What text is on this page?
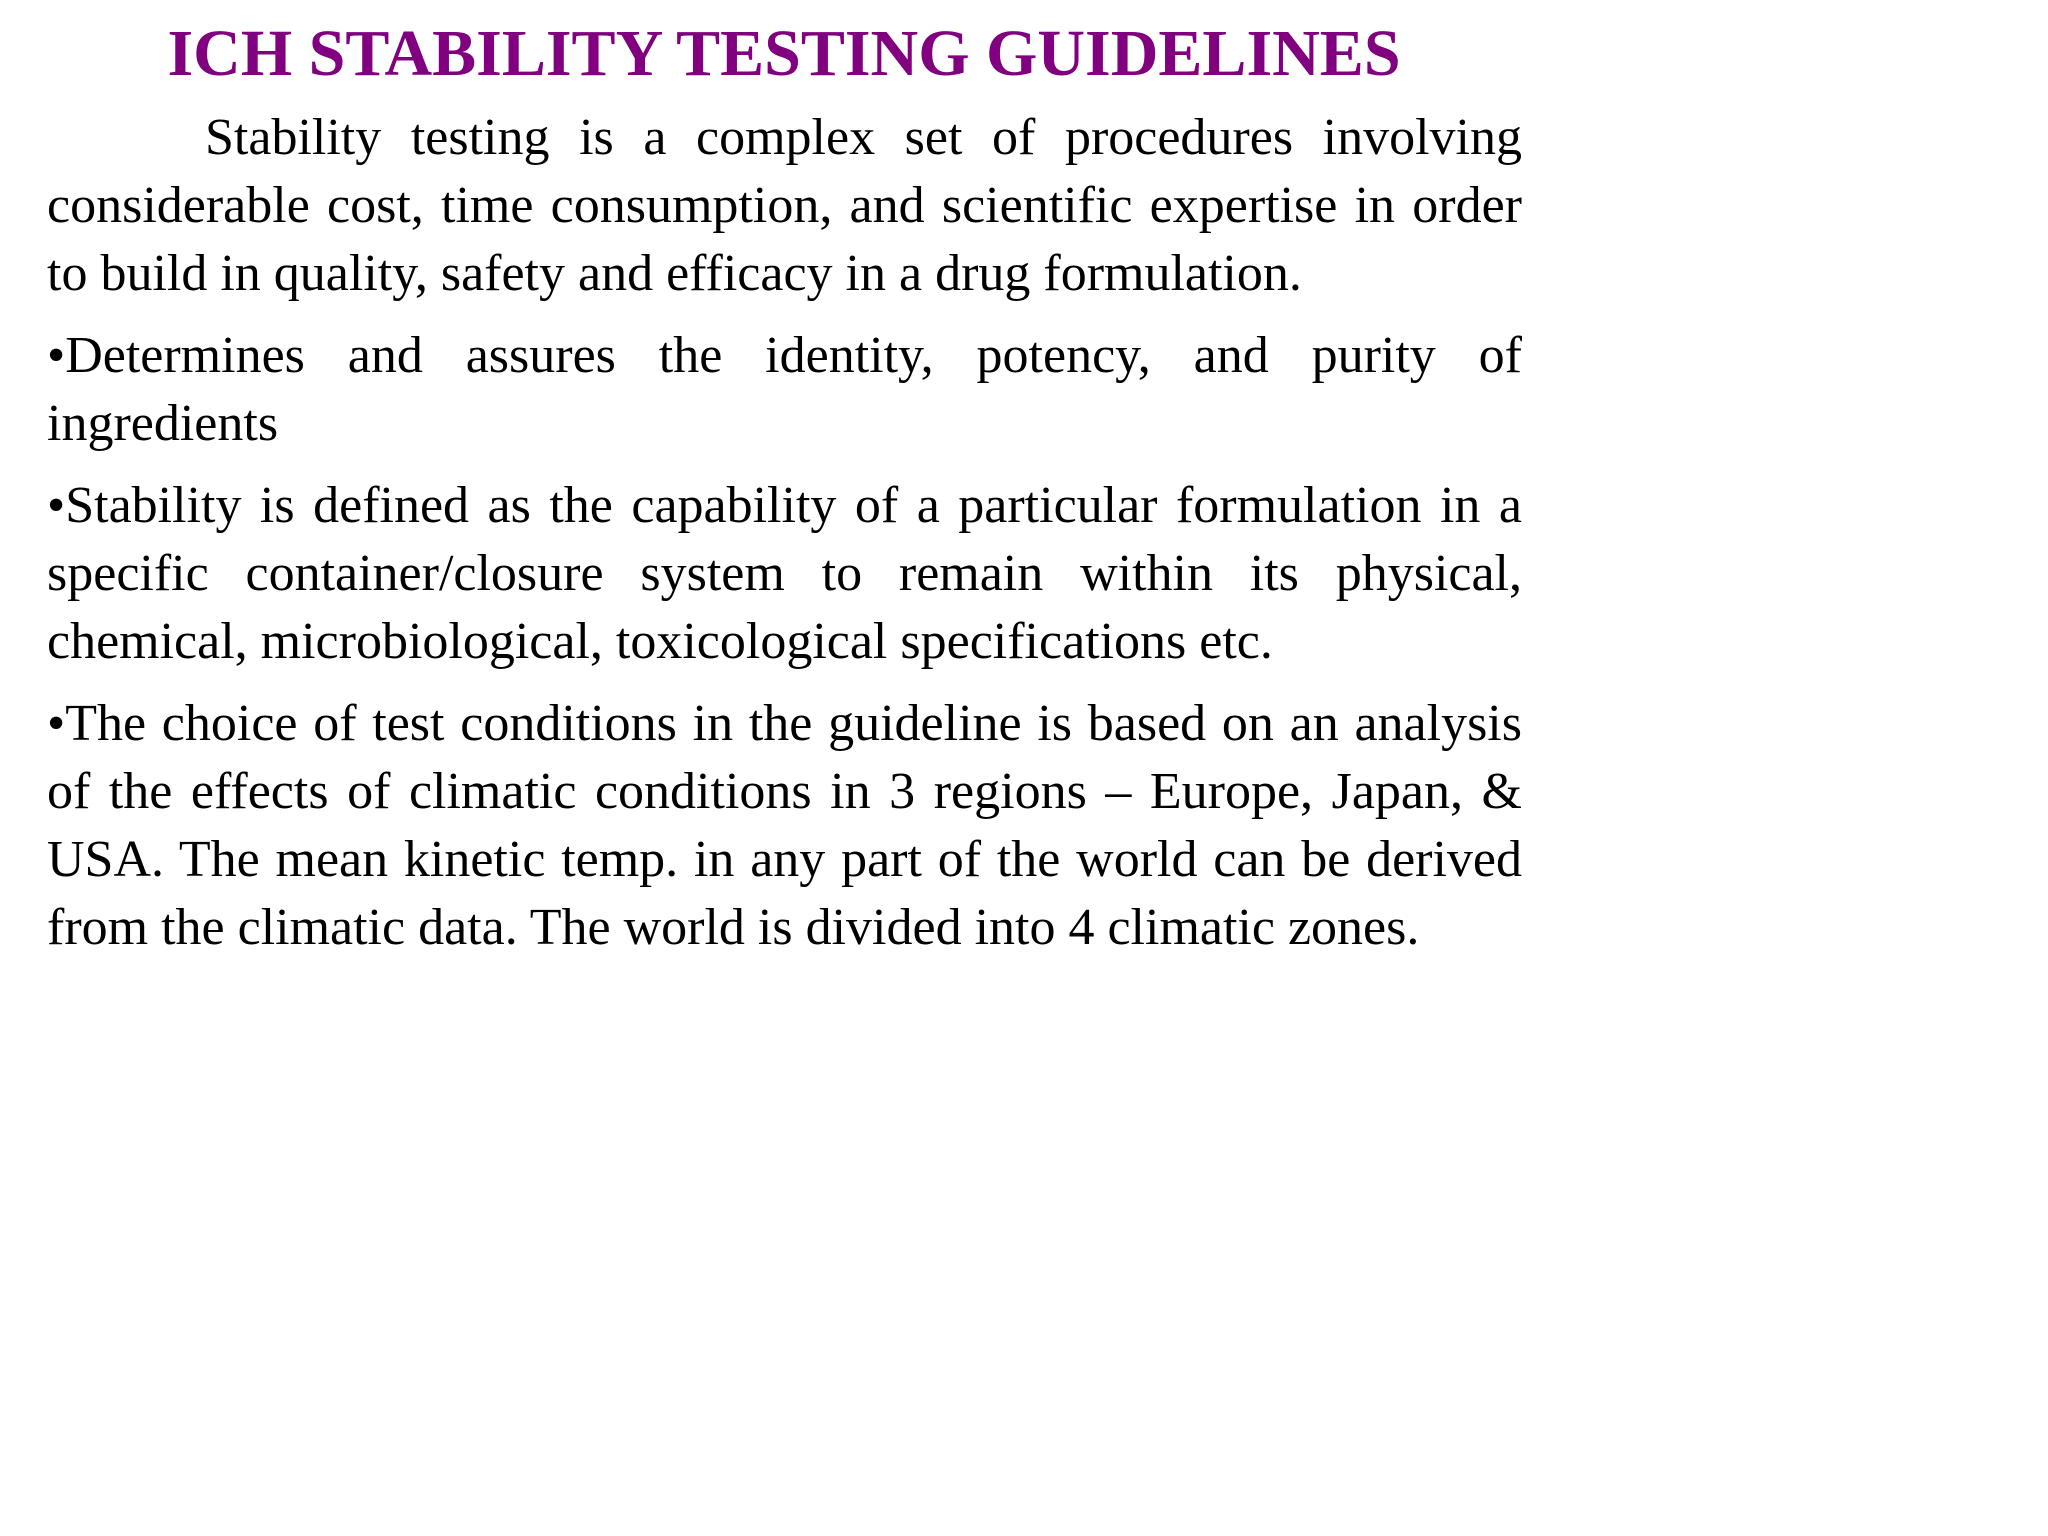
ICH STABILITY TESTING GUIDELINES

Stability testing is a complex set of procedures involving considerable cost, time consumption, and scientific expertise in order to build in quality, safety and efficacy in a drug formulation.

•Determines and assures the identity, potency, and purity of ingredients

•Stability is defined as the capability of a particular formulation in a specific container/closure system to remain within its physical, chemical, microbiological, toxicological specifications etc.

•The choice of test conditions in the guideline is based on an analysis of the effects of climatic conditions in 3 regions – Europe, Japan, & USA. The mean kinetic temp. in any part of the world can be derived from the climatic data. The world is divided into 4 climatic zones.
